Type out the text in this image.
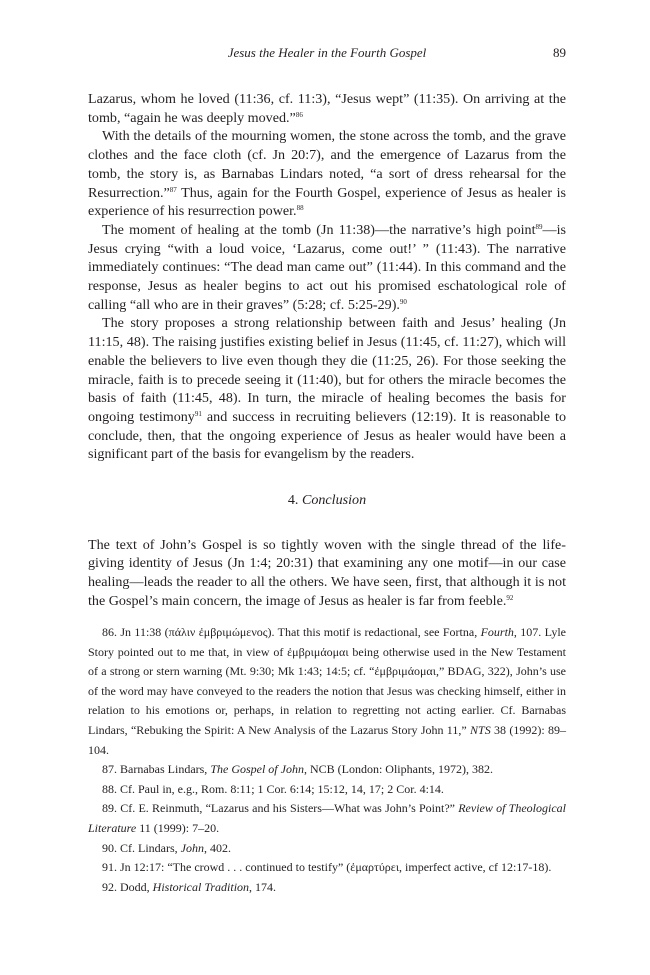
Jesus the Healer in the Fourth Gospel	89

Lazarus, whom he loved (11:36, cf. 11:3), “Jesus wept” (11:35). On arriving at the tomb, “again he was deeply moved.”$^{86}$

With the details of the mourning women, the stone across the tomb, and the grave clothes and the face cloth (cf. Jn 20:7), and the emergence of Lazarus from the tomb, the story is, as Barnabas Lindars noted, “a sort of dress rehearsal for the Resurrection.”$^{87}$ Thus, again for the Fourth Gospel, experience of Jesus as healer is experience of his resurrection power.$^{88}$

The moment of healing at the tomb (Jn 11:38)—the narrative’s high point$^{89}$—is Jesus crying “with a loud voice, ‘Lazarus, come out!’ ” (11:43). The narrative immediately continues: “The dead man came out” (11:44). In this command and the response, Jesus as healer begins to act out his promised eschatological role of calling “all who are in their graves” (5:28; cf. 5:25-29).$^{90}$

The story proposes a strong relationship between faith and Jesus’ healing (Jn 11:15, 48). The raising justifies existing belief in Jesus (11:45, cf. 11:27), which will enable the believers to live even though they die (11:25, 26). For those seeking the miracle, faith is to precede seeing it (11:40), but for others the miracle becomes the basis of faith (11:45, 48). In turn, the miracle of healing becomes the basis for ongoing testimony$^{91}$ and success in recruiting believers (12:19). It is reasonable to conclude, then, that the ongoing experience of Jesus as healer would have been a significant part of the basis for evangelism by the readers.

4. Conclusion

The text of John’s Gospel is so tightly woven with the single thread of the life-giving identity of Jesus (Jn 1:4; 20:31) that examining any one motif—in our case healing—leads the reader to all the others. We have seen, first, that although it is not the Gospel’s main concern, the image of Jesus as healer is far from feeble.$^{92}$

86. Jn 11:38 (πάλιν ἐμβριμώμενος). That this motif is redactional, see Fortna, Fourth, 107. Lyle Story pointed out to me that, in view of ἐμβριμάομαι being otherwise used in the New Testament of a strong or stern warning (Mt. 9:30; Mk 1:43; 14:5; cf. “ἐμβριμάομαι,” BDAG, 322), John’s use of the word may have conveyed to the readers the notion that Jesus was checking himself, either in relation to his emotions or, perhaps, in relation to regretting not acting earlier. Cf. Barnabas Lindars, “Rebuking the Spirit: A New Analysis of the Lazarus Story John 11,” NTS 38 (1992): 89–104.

87. Barnabas Lindars, The Gospel of John, NCB (London: Oliphants, 1972), 382.

88. Cf. Paul in, e.g., Rom. 8:11; 1 Cor. 6:14; 15:12, 14, 17; 2 Cor. 4:14.

89. Cf. E. Reinmuth, “Lazarus and his Sisters—What was John’s Point?” Review of Theological Literature 11 (1999): 7–20.

90. Cf. Lindars, John, 402.

91. Jn 12:17: “The crowd . . . continued to testify” (ἐμαρτύρει, imperfect active, cf 12:17-18).

92. Dodd, Historical Tradition, 174.
